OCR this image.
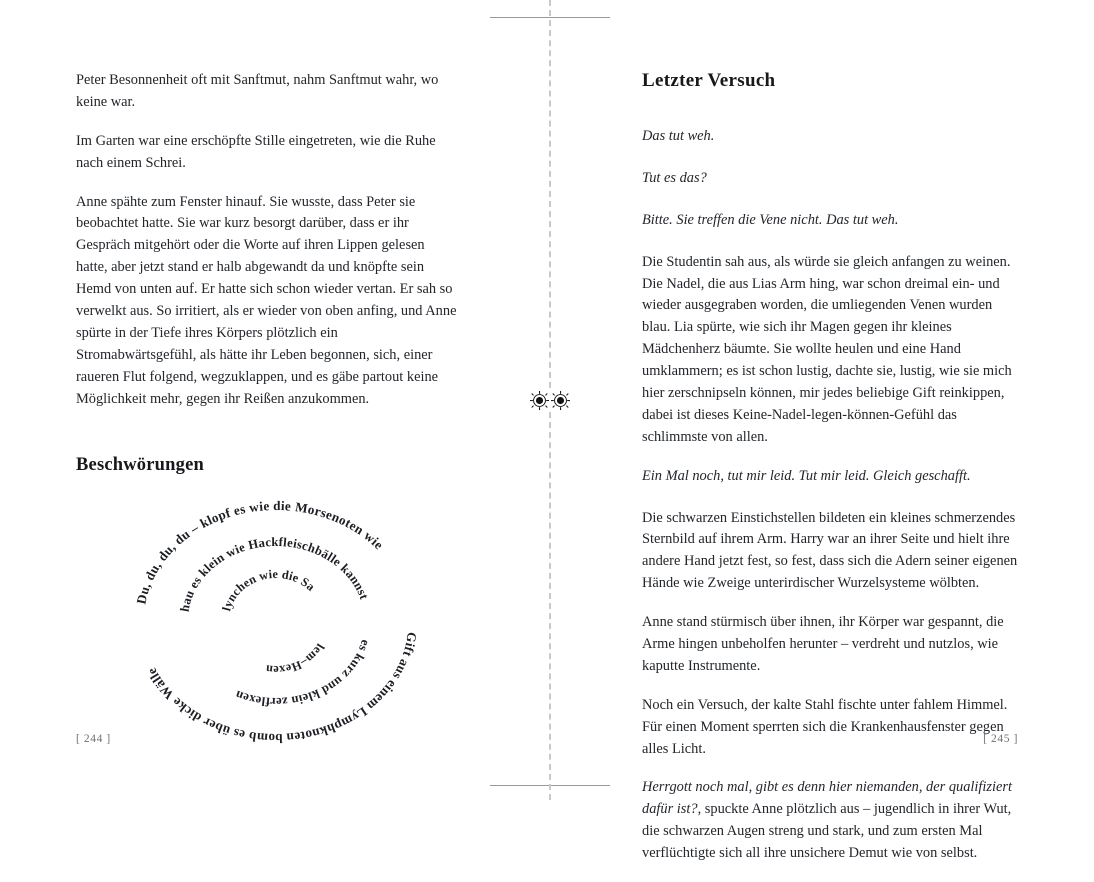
Peter Besonnenheit oft mit Sanftmut, nahm Sanftmut wahr, wo keine war.

Im Garten war eine erschöpfte Stille eingetreten, wie die Ruhe nach einem Schrei.

Anne spähte zum Fenster hinauf. Sie wusste, dass Peter sie beobachtet hatte. Sie war kurz besorgt darüber, dass er ihr Gespräch mitgehört oder die Worte auf ihren Lippen gelesen hatte, aber jetzt stand er halb abgewandt da und knöpfte sein Hemd von unten auf. Er hatte sich schon wieder vertan. Er sah so verwelkt aus. So irritiert, als er wieder von oben anfing, und Anne spürte in der Tiefe ihres Körpers plötzlich ein Stromabwärtsgefühl, als hätte ihr Leben begonnen, sich, einer raueren Flut folgend, wegzuklappen, und es gäbe partout keine Möglichkeit mehr, gegen ihr Reißen anzukommen.

Beschwörungen
Du, du, du, du – klopf es wie die Morsenoten wie
Gift aus einem Lymphknoten bomb es über dicke Wälle
hau es klein wie Hackfleischbälle kannst
es kurz und klein zerflexen
lynchen wie die Sa
lem–Hexen
[ 244 ]
Letzter Versuch

Das tut weh.

Tut es das?

Bitte. Sie treffen die Vene nicht. Das tut weh.

Die Studentin sah aus, als würde sie gleich anfangen zu weinen. Die Nadel, die aus Lias Arm hing, war schon dreimal ein- und wieder ausgegraben worden, die umliegenden Venen wurden blau. Lia spürte, wie sich ihr Magen gegen ihr kleines Mädchenherz bäumte. Sie wollte heulen und eine Hand umklammern; es ist schon lustig, dachte sie, lustig, wie sie mich hier zerschnipseln können, mir jedes beliebige Gift reinkippen, dabei ist dieses Keine-Nadel-legen-können-Gefühl das schlimmste von allen.

Ein Mal noch, tut mir leid. Tut mir leid. Gleich geschafft.

Die schwarzen Einstichstellen bildeten ein kleines schmerzendes Sternbild auf ihrem Arm. Harry war an ihrer Seite und hielt ihre andere Hand jetzt fest, so fest, dass sich die Adern seiner eigenen Hände wie Zweige unterirdischer Wurzelsysteme wölbten.

Anne stand stürmisch über ihnen, ihr Körper war gespannt, die Arme hingen unbeholfen herunter – verdreht und nutzlos, wie kaputte Instrumente.

Noch ein Versuch, der kalte Stahl fischte unter fahlem Himmel. Für einen Moment sperrten sich die Krankenhausfenster gegen alles Licht.

Herrgott noch mal, gibt es denn hier niemanden, der qualifiziert dafür ist?, spuckte Anne plötzlich aus – jugendlich in ihrer Wut, die schwarzen Augen streng und stark, und zum ersten Mal verflüchtigte sich all ihre unsichere Demut wie von selbst.

[ 245 ]
